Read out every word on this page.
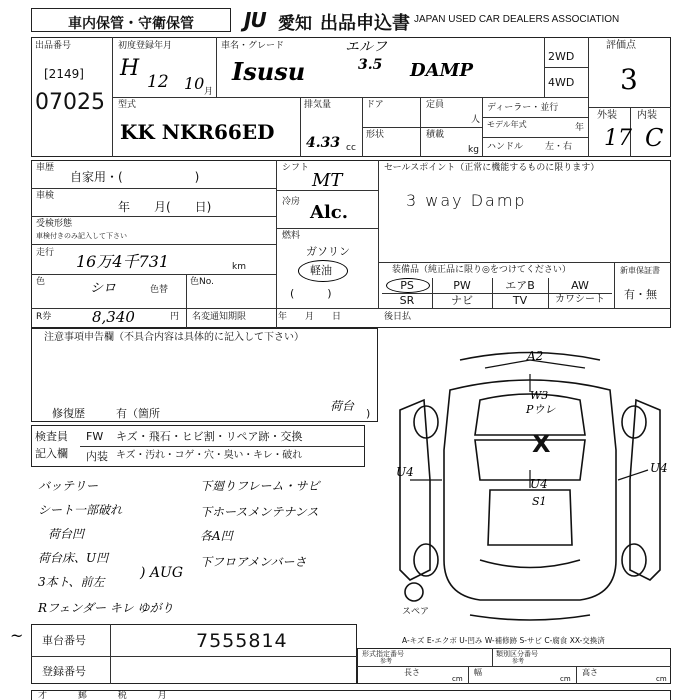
車内保管・守衛保管	JU 愛知 出品申込書 JAPAN USED CAR DEALERS ASSOCIATION
出品番号
[2149]
07025
初度登録年月
H
12 10 月
車名・グレード	エルフ
Isusu	3.5 DAMP
2WD
4WD
評価点
3
外装 内装
17 C
型式
KK NKR66ED
排気量
4.33 cc
ドア	定員
人
形状	積載
kg
ディーラー・並行
モデル年式	年
ハンドル 左・右
車歴
自家用・(　　　　　　)
車検
年　　月(　　日)
受検形態
車検付きのみ記入して下さい
走行 16万4千731	km
色	シロ	色替
色No.
R券	8,340	円 名変通知期限	年　　月　　日
シフト
MT
冷房 Alc.
燃料
ガソリン
軽油
(　　　)
セールスポイント（正常に機能するものに限ります）
3 way Damp
装備品（純正品に限り◎をつけてください）	新車保証書
有・無
PS	PW	エアB	AW
SR	ナビ	TV	カワシート
後日払
注意事項申告欄（不具合内容は具体的に記入して下さい）
修復歴	有（箇所
荷台
)
検査員
記入欄
FW キズ・飛石・ヒビ割・リペア跡・交換
内装 キズ・汚れ・コゲ・穴・臭い・キレ・破れ
バッテリー
シート一部破れ
荷台凹
荷台床、U凹
3本ト、前左
Rフェンダー キレ ゆがり
) AUG
下廻りフレーム・サビ
下ホースメンテナンス
各A凹
下フロアメンバーさ
A2
W3
Pウレ
X
U4
S1
U4	U4
スペア
A-キズ E-エクボ U-凹み W-補修跡 S-サビ C-腐食 XX-交換済
~ 車台番号	7555814
登録番号
形式指定番号
参考
類別区分番号
参考
長さ
cm
幅
cm
高さ
cm
才 郵 税 月
